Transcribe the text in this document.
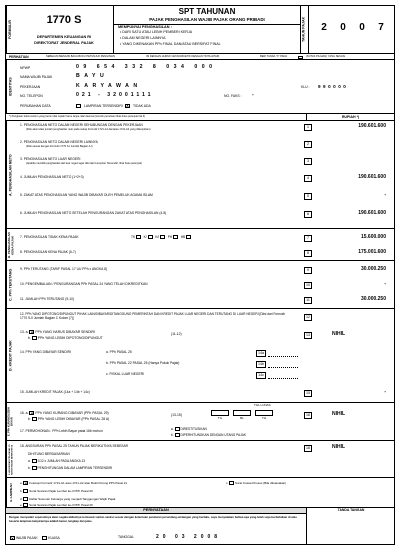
FORMULIR
1770 S
DEPARTEMEN KEUANGAN RI
DIREKTORAT JENDERAL PAJAK
SPT TAHUNAN
PAJAK PENGHASILAN WAJIB PAJAK ORANG PRIBADI
MEMPUNYAI PENGHASILAN :
• DARI SATU ATAU LEBIH PEMBERI KERJA
• DALAM NEGERI LAINNYA
• YANG DIKENAKAN PPh FINAL DAN/ATAU BERSIFAT FINAL
TAHUN PAJAK	2	0	0	7
PERHATIAN	SEBELUM MENGISI BACA BUKU PETUNJUK PENGISIAN	ISI DENGAN HURUF CETAK/DIKETIK DENGAN TINTA HITAM	BERI TANDA "X" PADA	(KOTAK PILIHAN) YANG SESUAI
IDENTITAS
NPWP	09 654 332 8 034 000
NAMA WAJIB PAJAK	BAYU
PEKERJAAN	KARYAWAN	KLU : 990000
NO. TELEPON	021 - 32001111	NO. FAKS : -
PERUBAHAN DATA	LAMPIRAN TERSENDIRI X	TIDAK ADA
*) Pengisian kolom-kolom yang berisi nilai rupiah harus tanpa nilai desimal (contoh penulisan lihat buku petunjuk hal 3)	RUPIAH *)
A. PENGHASILAN NETO
1. PENGHASILAN NETO DALAM NEGERI SEHUBUNGAN DENGAN PEKERJAAN
(Diisi akumulasi jumlah penghasilan neto pada setiap Formulir 1721-A1 dan/atau 1721-A2 yang dilampirkan)
1	190.601.600
2. PENGHASILAN NETO DALAM NEGERI LAINNYA
(Diisi sesuai dengan Formulir 1770 S-I Jumlah Bagian A.I)
2
3. PENGHASILAN NETO LUAR NEGERI
(Apabila memiliki penghasilan dari luar negeri agar diisi dari Lampiran Tersendiri, lihat buku petunjuk)
3
4. JUMLAH PENGHASILAN NETO (1+2+3)	4	190.601.600
5. ZAKAT ATAS PENGHASILAN YANG WAJIB DIBAYAR OLEH PEMELUK AGAMA ISLAM	5	-
6. JUMLAH PENGHASILAN NETO SETELAH PENGURANGAN ZAKAT ATAS PENGHASILAN (4-5)	6	190.601.600
B. PENGHASILAN KENA PAJAK	7. PENGHASILAN TIDAK KENA PAJAK	TK	K/	K/I	PH	HB	7	15.600.000
8. PENGHASILAN KENA PAJAK (6-7)	8	175.001.600
C. PPh TERUTANG	9. PPh TERUTANG (TARIF PASAL 17 UU PPh x ANGKA 8)	9	30.000.250
10. PENGEMBALIAN / PENGURANGAN PPh PASAL 24 YANG TELAH DIKREDITKAN	10	-
11. JUMLAH PPh TERUTANG (9-10)	11	30.000.250
D. KREDIT PAJAK
12. PPh YANG DIPOTONG/DIPUNGUT PIHAK LAIN/DIBAYAR/DITANGGUNG PEMERINTAH DAN KREDIT PAJAK LUAR NEGERI DAN TERUTANG DI LUAR NEGERI [Diisi dari Formulir 1770 S-II Jumlah Bagian C Kolom (7)]	12
13. a. X PPh YANG HARUS DIBAYAR SENDIRI
b.  PPh YANG LEBIH DIPOTONG/DIPUNGUT
(11-12)	13	NIHIL
14. PPh YANG DIBAYAR SENDIRI	a. PPh PASAL 25	14a
b. PPh PASAL 22 PASAL 25 (Hanya Pokok Pajak)	14b
c. FISKAL LUAR NEGERI	14c
15. JUMLAH KREDIT PAJAK (14a + 14b + 14c)	15	-
E. PPh KURANG/LEBIH BAYAR
TGL LUNAS
16. a. X PPh YANG KURANG DIBAYAR (PPh PASAL 29)
b.  PPh YANG LEBIH DIBAYAR (PPh PASAL 28 A)
(13-15)
TG	BL	TH
16	NIHIL
17. PERMOHONAN : PPh Lebih Bayar pada 16b mohon
a.  DIRESTITUSIKAN
b.  DIPERHITUNGKAN DENGAN UTANG PAJAK
F. ANGSURAN PPh PASAL 25 TAHUN PAJAK BERIKUTNYA	18. ANGSURAN PPh PASAL 25 TAHUN PAJAK BERIKUTNYA SEBESAR
DIHITUNG BERDASARKAN
a.  1/12 x JUMLAH PADA ANGKA 13
b.  PENGHITUNGAN DALAM LAMPIRAN TERSENDIRI
18	NIHIL
G. LAMPIRAN
a. X Fotokopi Formulir 1721-A1 atau 1721-A2 atau Bukti Potong PPh Pasal 21
b.  Surat Setoran Pajak Lembar ke-3 PPh Pasal 29
d.  Daftar Susunan Keluarga yang menjadi Tanggungan Wajib Pajak
c.  Surat Kuasa Khusus (Bila dikuasakan)
e.  Surat Setoran Pajak Lembar ke-3 PPh Pasal 29
PERNYATAAN
Dengan menyadari sepenuhnya akan segala akibatnya termasuk sanksi-sanksi sesuai dengan ketentuan peraturan perundang-undangan yang berlaku, saya menyatakan bahwa apa yang telah saya beritahukan di atas beserta lampiran-lampirannya adalah benar, lengkap dan jelas.
TANDA TANGAN
X WAJIB PAJAK	KUASA	TANGGAL	20 03 2008
